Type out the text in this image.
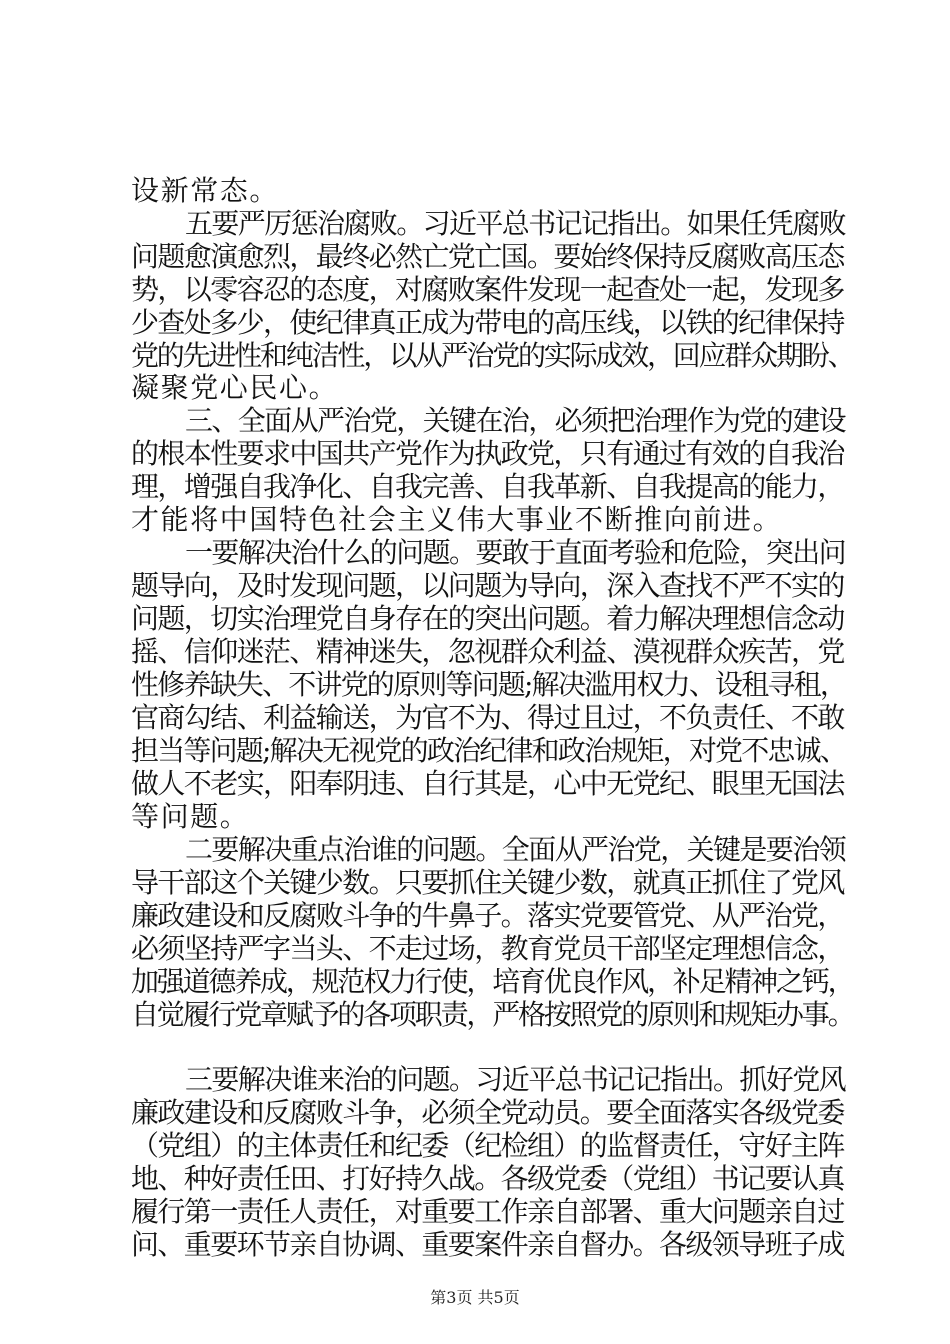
设新常态。
五要严厉惩治腐败。习近平总书记记指出。如果任凭腐败
问题愈演愈烈，最终必然亡党亡国。要始终保持反腐败高压态
势，以零容忍的态度，对腐败案件发现一起查处一起，发现多
少查处多少，使纪律真正成为带电的高压线，以铁的纪律保持
党的先进性和纯洁性，以从严治党的实际成效，回应群众期盼、
凝聚党心民心。
三、全面从严治党，关键在治，必须把治理作为党的建设
的根本性要求中国共产党作为执政党，只有通过有效的自我治
理，增强自我净化、自我完善、自我革新、自我提高的能力，
才能将中国特色社会主义伟大事业不断推向前进。
一要解决治什么的问题。要敢于直面考验和危险，突出问
题导向，及时发现问题，以问题为导向，深入查找不严不实的
问题，切实治理党自身存在的突出问题。着力解决理想信念动
摇、信仰迷茫、精神迷失，忽视群众利益、漠视群众疾苦，党
性修养缺失、不讲党的原则等问题;解决滥用权力、设租寻租，
官商勾结、利益输送，为官不为、得过且过，不负责任、不敢
担当等问题;解决无视党的政治纪律和政治规矩，对党不忠诚、
做人不老实，阳奉阴违、自行其是，心中无党纪、眼里无国法
等问题。
二要解决重点治谁的问题。全面从严治党，关键是要治领
导干部这个关键少数。只要抓住关键少数，就真正抓住了党风
廉政建设和反腐败斗争的牛鼻子。落实党要管党、从严治党，
必须坚持严字当头、不走过场，教育党员干部坚定理想信念，
加强道德养成，规范权力行使，培育优良作风，补足精神之钙，
自觉履行党章赋予的各项职责，严格按照党的原则和规矩办事。
三要解决谁来治的问题。习近平总书记记指出。抓好党风
廉政建设和反腐败斗争，必须全党动员。要全面落实各级党委
（党组）的主体责任和纪委（纪检组）的监督责任，守好主阵
地、种好责任田、打好持久战。各级党委（党组）书记要认真
履行第一责任人责任，对重要工作亲自部署、重大问题亲自过
问、重要环节亲自协调、重要案件亲自督办。各级领导班子成
第3页 共5页
